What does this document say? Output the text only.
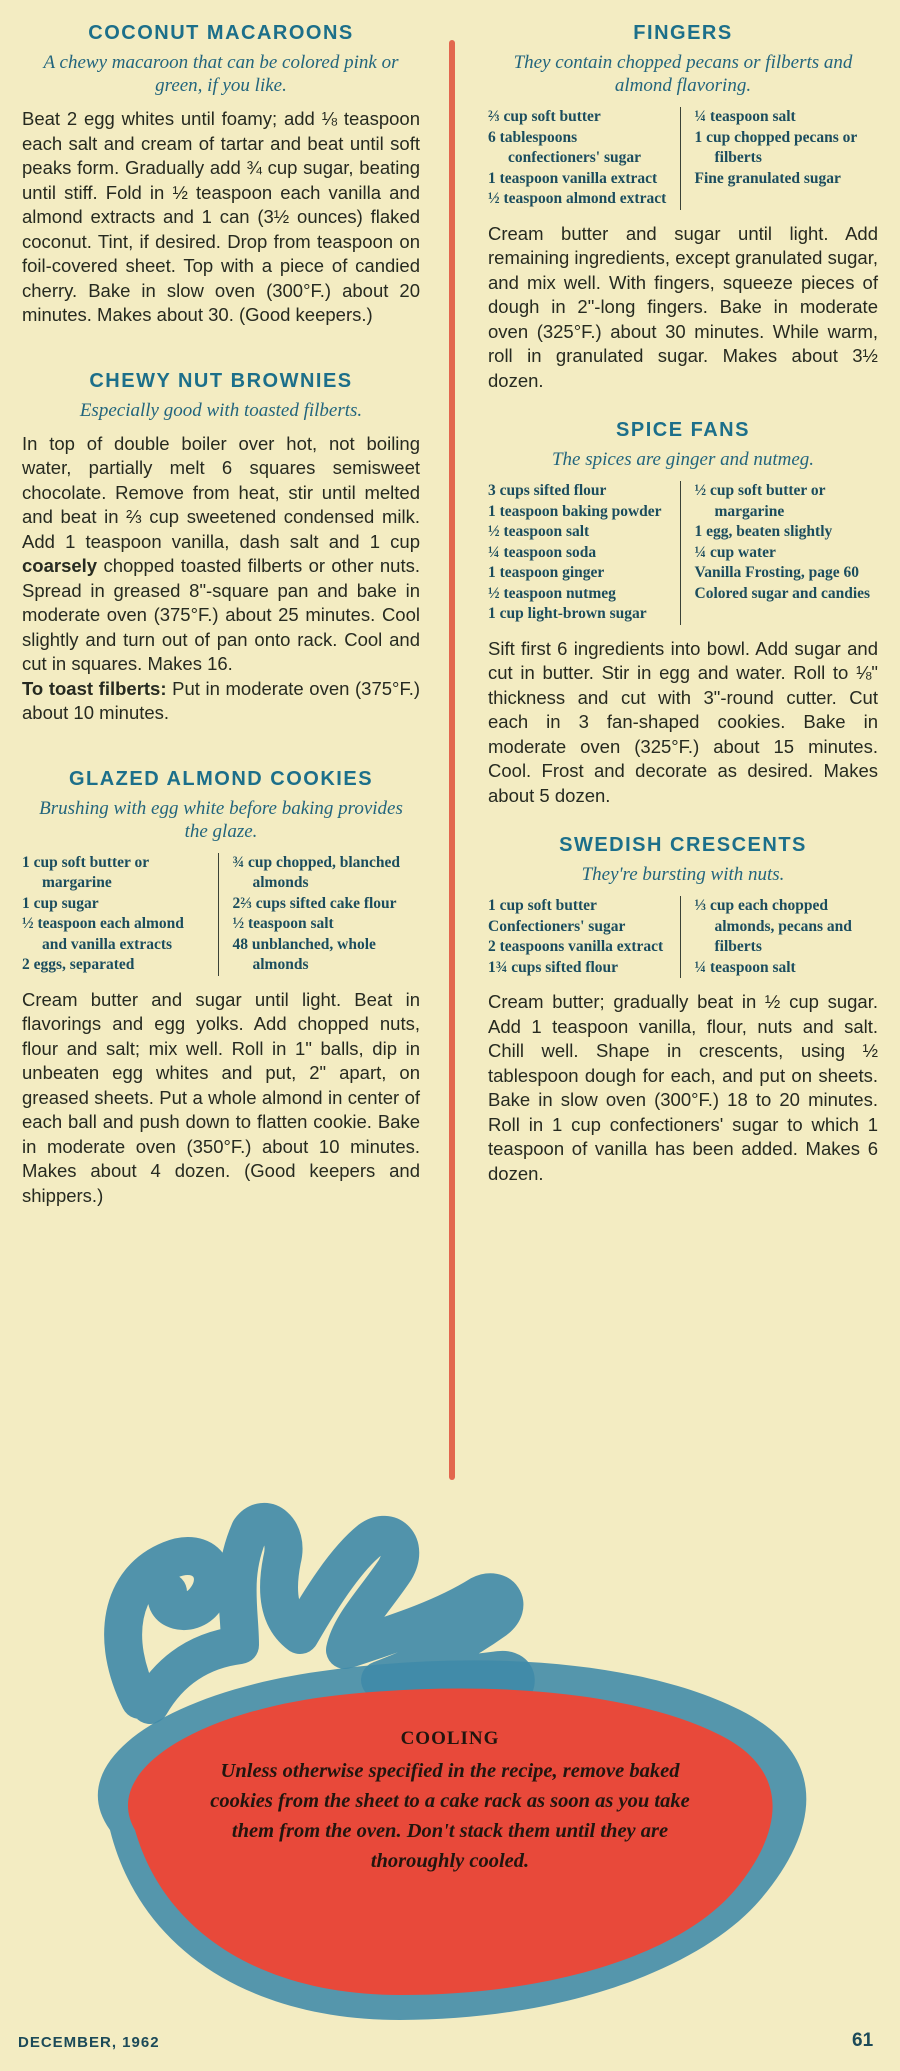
COCONUT MACAROONS
A chewy macaroon that can be colored pink or green, if you like.

Beat 2 egg whites until foamy; add ⅛ teaspoon each salt and cream of tartar and beat until soft peaks form. Gradually add ¾ cup sugar, beating until stiff. Fold in ½ teaspoon each vanilla and almond extracts and 1 can (3½ ounces) flaked coconut. Tint, if desired. Drop from teaspoon on foil-covered sheet. Top with a piece of candied cherry. Bake in slow oven (300°F.) about 20 minutes. Makes about 30. (Good keepers.)

CHEWY NUT BROWNIES
Especially good with toasted filberts.

In top of double boiler over hot, not boiling water, partially melt 6 squares semisweet chocolate. Remove from heat, stir until melted and beat in ⅔ cup sweetened condensed milk. Add 1 teaspoon vanilla, dash salt and 1 cup coarsely chopped toasted filberts or other nuts. Spread in greased 8"-square pan and bake in moderate oven (375°F.) about 25 minutes. Cool slightly and turn out of pan onto rack. Cool and cut in squares. Makes 16.
To toast filberts: Put in moderate oven (375°F.) about 10 minutes.

GLAZED ALMOND COOKIES
Brushing with egg white before baking provides the glaze.
1 cup soft butter or margarine
1 cup sugar
½ teaspoon each almond and vanilla extracts
2 eggs, separated
¾ cup chopped, blanched almonds
2⅔ cups sifted cake flour
½ teaspoon salt
48 unblanched, whole almonds

Cream butter and sugar until light. Beat in flavorings and egg yolks. Add chopped nuts, flour and salt; mix well. Roll in 1" balls, dip in unbeaten egg whites and put, 2" apart, on greased sheets. Put a whole almond in center of each ball and push down to flatten cookie. Bake in moderate oven (350°F.) about 10 minutes. Makes about 4 dozen. (Good keepers and shippers.)

FINGERS
They contain chopped pecans or filberts and almond flavoring.
⅔ cup soft butter
6 tablespoons confectioners' sugar
1 teaspoon vanilla extract
½ teaspoon almond extract
¼ teaspoon salt
1 cup chopped pecans or filberts
Fine granulated sugar

Cream butter and sugar until light. Add remaining ingredients, except granulated sugar, and mix well. With fingers, squeeze pieces of dough in 2"-long fingers. Bake in moderate oven (325°F.) about 30 minutes. While warm, roll in granulated sugar. Makes about 3½ dozen.

SPICE FANS
The spices are ginger and nutmeg.
3 cups sifted flour
1 teaspoon baking powder
½ teaspoon salt
¼ teaspoon soda
1 teaspoon ginger
½ teaspoon nutmeg
1 cup light-brown sugar
½ cup soft butter or margarine
1 egg, beaten slightly
¼ cup water
Vanilla Frosting, page 60
Colored sugar and candies

Sift first 6 ingredients into bowl. Add sugar and cut in butter. Stir in egg and water. Roll to ⅛" thickness and cut with 3"-round cutter. Cut each in 3 fan-shaped cookies. Bake in moderate oven (325°F.) about 15 minutes. Cool. Frost and decorate as desired. Makes about 5 dozen.

SWEDISH CRESCENTS
They're bursting with nuts.
1 cup soft butter
Confectioners' sugar
2 teaspoons vanilla extract
1¾ cups sifted flour
⅓ cup each chopped almonds, pecans and filberts
¼ teaspoon salt

Cream butter; gradually beat in ½ cup sugar. Add 1 teaspoon vanilla, flour, nuts and salt. Chill well. Shape in crescents, using ½ tablespoon dough for each, and put on sheets. Bake in slow oven (300°F.) 18 to 20 minutes. Roll in 1 cup confectioners' sugar to which 1 teaspoon of vanilla has been added. Makes 6 dozen.

COOLING
Unless otherwise specified in the recipe, remove baked cookies from the sheet to a cake rack as soon as you take them from the oven. Don't stack them until they are thoroughly cooled.
DECEMBER, 1962	61
